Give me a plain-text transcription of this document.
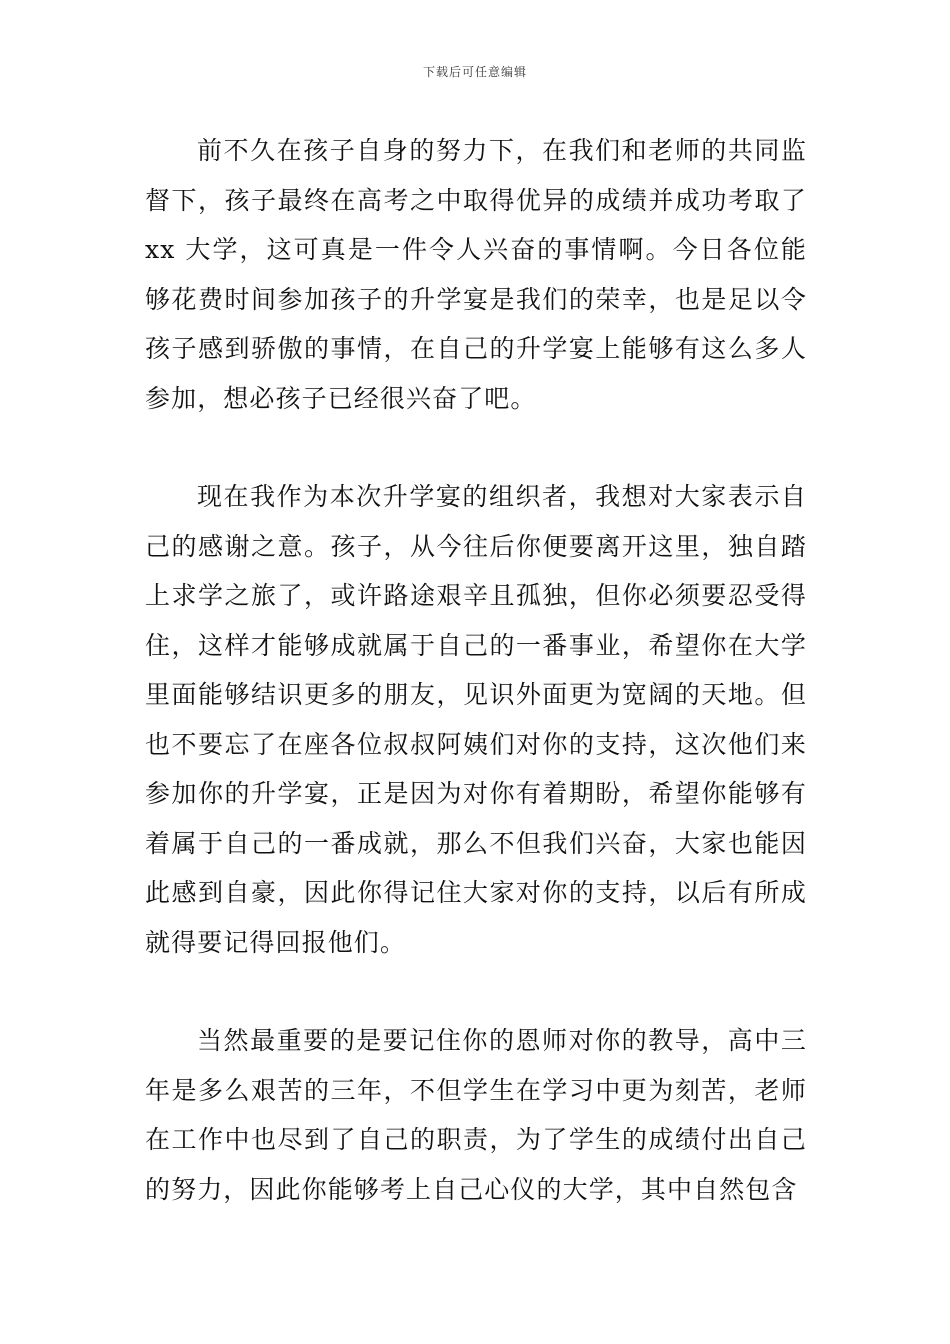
下载后可任意编辑

前不久在孩子自身的努力下，在我们和老师的共同监督下，孩子最终在高考之中取得优异的成绩并成功考取了 xx 大学，这可真是一件令人兴奋的事情啊。今日各位能够花费时间参加孩子的升学宴是我们的荣幸，也是足以令孩子感到骄傲的事情，在自己的升学宴上能够有这么多人参加，想必孩子已经很兴奋了吧。

现在我作为本次升学宴的组织者，我想对大家表示自己的感谢之意。孩子，从今往后你便要离开这里，独自踏上求学之旅了，或许路途艰辛且孤独，但你必须要忍受得住，这样才能够成就属于自己的一番事业，希望你在大学里面能够结识更多的朋友，见识外面更为宽阔的天地。但也不要忘了在座各位叔叔阿姨们对你的支持，这次他们来参加你的升学宴，正是因为对你有着期盼，希望你能够有着属于自己的一番成就，那么不但我们兴奋，大家也能因此感到自豪，因此你得记住大家对你的支持，以后有所成就得要记得回报他们。

当然最重要的是要记住你的恩师对你的教导，高中三年是多么艰苦的三年，不但学生在学习中更为刻苦，老师在工作中也尽到了自己的职责，为了学生的成绩付出自己的努力，因此你能够考上自己心仪的大学，其中自然包含
